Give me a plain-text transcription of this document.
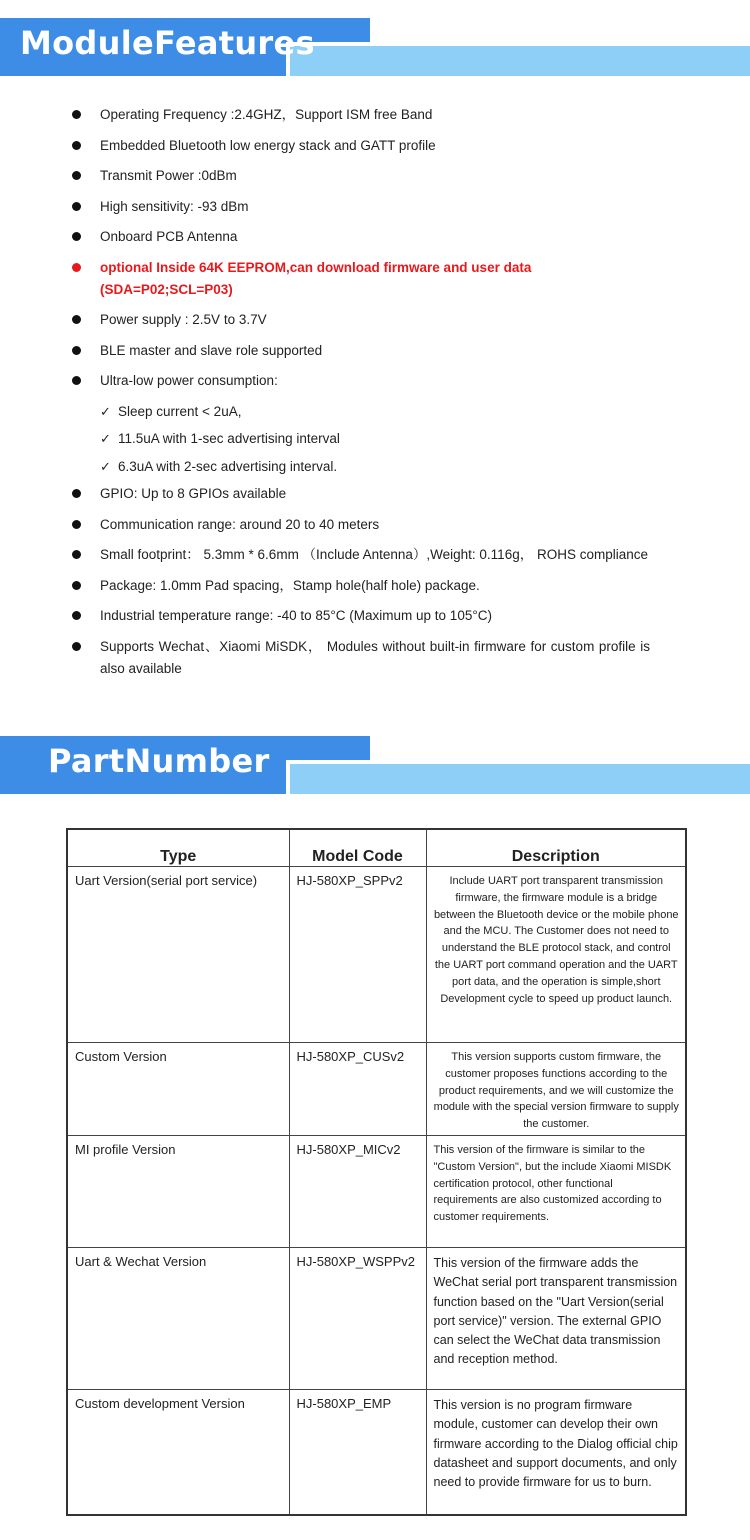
ModuleFeatures
Operating Frequency :2.4GHZ，Support ISM free Band
Embedded Bluetooth low energy stack and GATT profile
Transmit Power :0dBm
High sensitivity: -93 dBm
Onboard PCB Antenna
optional Inside 64K EEPROM,can download firmware and user data (SDA=P02;SCL=P03)
Power supply : 2.5V to 3.7V
BLE master and slave role supported
Ultra-low power consumption:
✓ Sleep current < 2uA,
✓ 11.5uA with 1-sec advertising interval
✓ 6.3uA with 2-sec advertising interval.
GPIO: Up to 8 GPIOs available
Communication range: around 20 to 40 meters
Small footprint： 5.3mm * 6.6mm （Include Antenna）,Weight: 0.116g， ROHS compliance
Package: 1.0mm Pad spacing，Stamp hole(half hole) package.
Industrial temperature range: -40 to 85°C (Maximum up to 105°C)
Supports Wechat、Xiaomi MiSDK， Modules without built-in firmware for custom profile is also available
PartNumber
Type	Model Code	Description
Uart Version(serial port service)	HJ-580XP_SPPv2	Include UART port transparent transmission firmware, the firmware module is a bridge between the Bluetooth device or the mobile phone and the MCU. The Customer does not need to understand the BLE protocol stack, and control the UART port command operation and the UART port data, and the operation is simple,short Development cycle to speed up product launch.
Custom Version	HJ-580XP_CUSv2	This version supports custom firmware, the customer proposes functions according to the product requirements, and we will customize the module with the special version firmware to supply the customer.
MI profile Version	HJ-580XP_MICv2	This version of the firmware is similar to the "Custom Version", but the include Xiaomi MISDK certification protocol, other functional requirements are also customized according to customer requirements.
Uart & Wechat Version	HJ-580XP_WSPPv2	This version of the firmware adds the WeChat serial port transparent transmission function based on the "Uart Version(serial port service)" version. The external GPIO can select the WeChat data transmission and reception method.
Custom development Version	HJ-580XP_EMP	This version is no program firmware module, customer can develop their own firmware according to the Dialog official chip datasheet and support documents, and only need to provide firmware for us to burn.
